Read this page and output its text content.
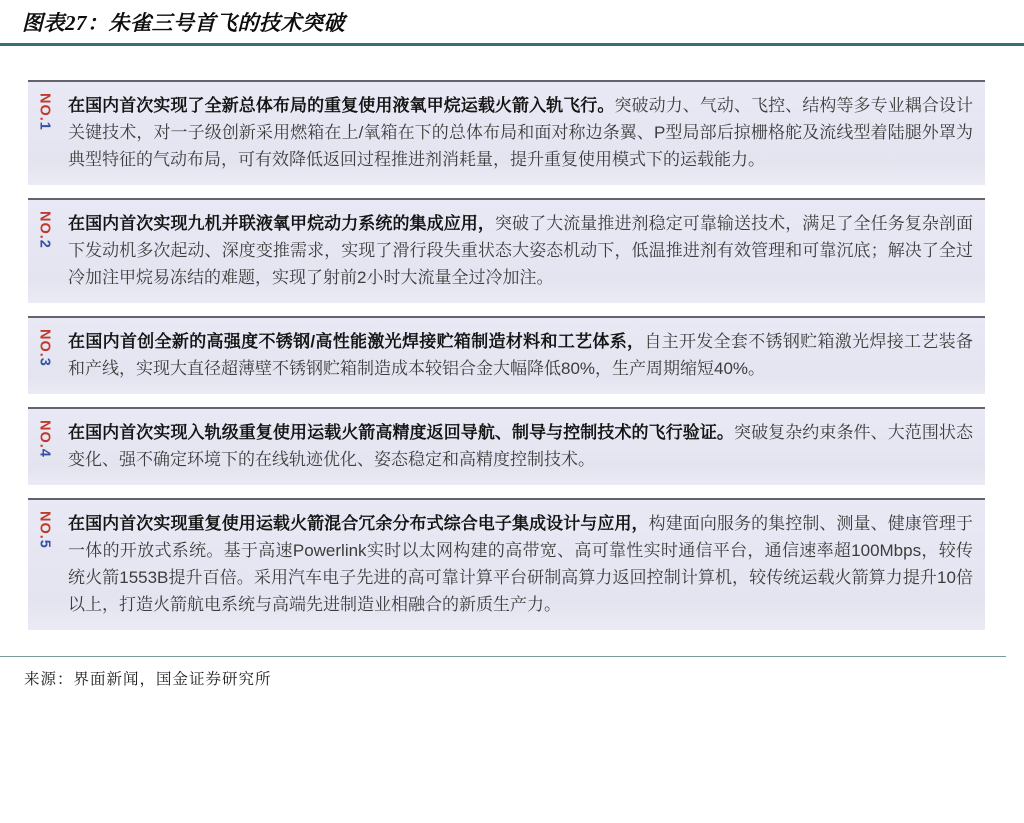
图表27：朱雀三号首飞的技术突破
NO.1
在国内首次实现了全新总体布局的重复使用液氧甲烷运载火箭入轨飞行。突破动力、气动、飞控、结构等多专业耦合设计关键技术，对一子级创新采用燃箱在上/氧箱在下的总体布局和面对称边条翼、P型局部后掠栅格舵及流线型着陆腿外罩为典型特征的气动布局，可有效降低返回过程推进剂消耗量，提升重复使用模式下的运载能力。
NO.2
在国内首次实现九机并联液氧甲烷动力系统的集成应用，突破了大流量推进剂稳定可靠输送技术，满足了全任务复杂剖面下发动机多次起动、深度变推需求，实现了滑行段失重状态大姿态机动下，低温推进剂有效管理和可靠沉底；解决了全过冷加注甲烷易冻结的难题，实现了射前2小时大流量全过冷加注。
NO.3
在国内首创全新的高强度不锈钢/高性能激光焊接贮箱制造材料和工艺体系，自主开发全套不锈钢贮箱激光焊接工艺装备和产线，实现大直径超薄壁不锈钢贮箱制造成本较铝合金大幅降低80%，生产周期缩短40%。
NO.4
在国内首次实现入轨级重复使用运载火箭高精度返回导航、制导与控制技术的飞行验证。突破复杂约束条件、大范围状态变化、强不确定环境下的在线轨迹优化、姿态稳定和高精度控制技术。
NO.5
在国内首次实现重复使用运载火箭混合冗余分布式综合电子集成设计与应用，构建面向服务的集控制、测量、健康管理于一体的开放式系统。基于高速Powerlink实时以太网构建的高带宽、高可靠性实时通信平台，通信速率超100Mbps，较传统火箭1553B提升百倍。采用汽车电子先进的高可靠计算平台研制高算力返回控制计算机，较传统运载火箭算力提升10倍以上，打造火箭航电系统与高端先进制造业相融合的新质生产力。
来源：界面新闻，国金证券研究所
